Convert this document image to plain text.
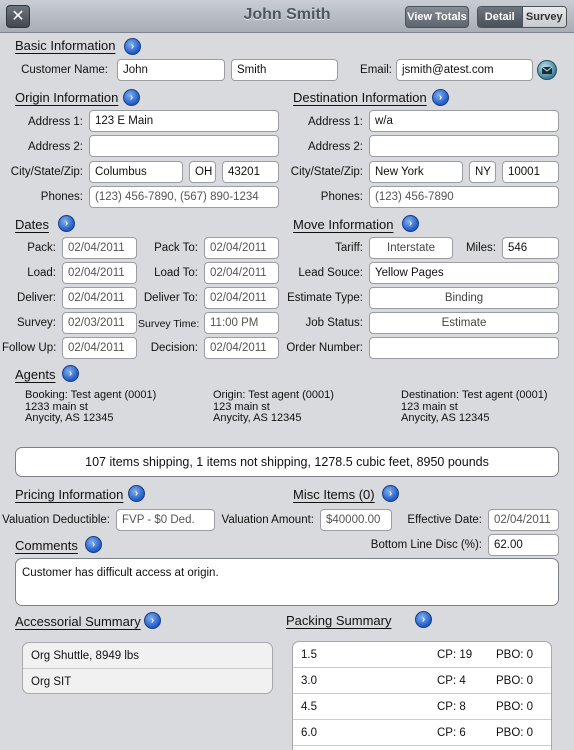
✕	John Smith	View Totals	Detail	Survey
Basic Information	›
Customer Name:	John	Smith	Email: jsmith@atest.com
Origin Information	›
Address 1:	123 E Main
Address 2:
City/State/Zip:	Columbus	OH	43201
Phones:	(123) 456-7890, (567) 890-1234
Destination Information	›
Address 1:	w/a
Address 2:
City/State/Zip:	New York	NY	10001
Phones:	(123) 456-7890
Dates	›
Pack:	02/04/2011	Pack To:	02/04/2011
Load:	02/04/2011	Load To:	02/04/2011
Deliver:	02/04/2011	Deliver To:	02/04/2011
Survey:	02/03/2011	Survey Time: 11:00 PM
Follow Up:	02/04/2011	Decision:	02/04/2011
Move Information	›
Tariff:	Interstate	Miles:	546
Lead Souce:	Yellow Pages
Estimate Type:	Binding
Job Status:	Estimate
Order Number:
Agents	›
Booking: Test agent (0001)
1233 main st
Anycity, AS 12345
Origin: Test agent (0001)
123 main st
Anycity, AS 12345
Destination: Test agent (0001)
123 main st
Anycity, AS 12345
107 items shipping, 1 items not shipping, 1278.5 cubic feet, 8950 pounds
Pricing Information	›	Misc Items (0)	›
Valuation Deductible:	FVP - $0 Ded.	Valuation Amount:	$40000.00	Effective Date:	02/04/2011
Comments	›	Bottom Line Disc (%):	62.00
Customer has difficult access at origin.
Accessorial Summary	›
Org Shuttle, 8949 lbs
Org SIT
Packing Summary	›
1.5	CP: 19 PBO: 0
3.0	CP: 4	PBO: 0
4.5	CP: 8	PBO: 0
6.0	CP: 6	PBO: 0
